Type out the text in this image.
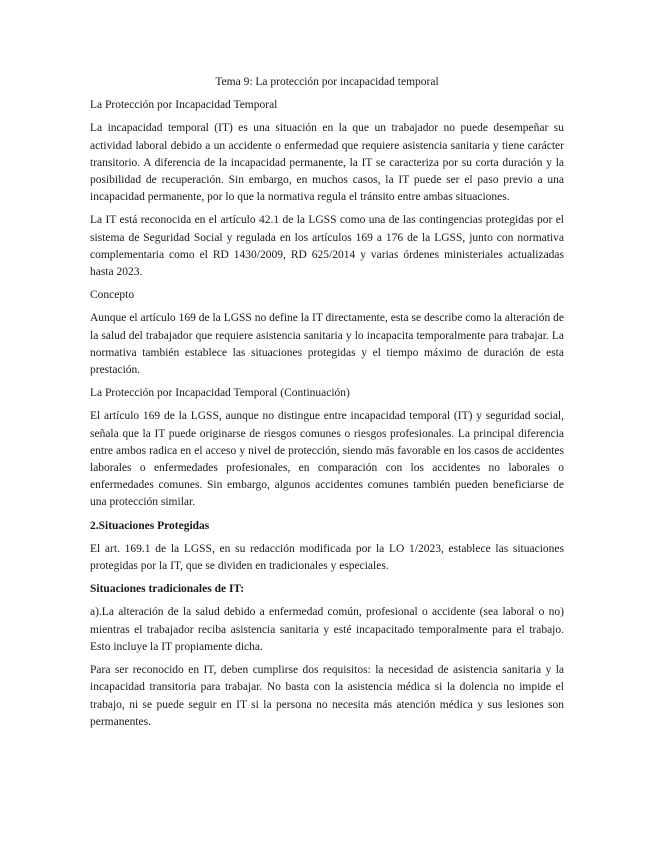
Tema 9: La protección por incapacidad temporal
La Protección por Incapacidad Temporal

La incapacidad temporal (IT) es una situación en la que un trabajador no puede desempeñar su actividad laboral debido a un accidente o enfermedad que requiere asistencia sanitaria y tiene carácter transitorio. A diferencia de la incapacidad permanente, la IT se caracteriza por su corta duración y la posibilidad de recuperación. Sin embargo, en muchos casos, la IT puede ser el paso previo a una incapacidad permanente, por lo que la normativa regula el tránsito entre ambas situaciones.

La IT está reconocida en el artículo 42.1 de la LGSS como una de las contingencias protegidas por el sistema de Seguridad Social y regulada en los artículos 169 a 176 de la LGSS, junto con normativa complementaria como el RD 1430/2009, RD 625/2014 y varias órdenes ministeriales actualizadas hasta 2023.

Concepto

Aunque el artículo 169 de la LGSS no define la IT directamente, esta se describe como la alteración de la salud del trabajador que requiere asistencia sanitaria y lo incapacita temporalmente para trabajar. La normativa también establece las situaciones protegidas y el tiempo máximo de duración de esta prestación.

La Protección por Incapacidad Temporal (Continuación)

El artículo 169 de la LGSS, aunque no distingue entre incapacidad temporal (IT) y seguridad social, señala que la IT puede originarse de riesgos comunes o riesgos profesionales. La principal diferencia entre ambos radica en el acceso y nivel de protección, siendo más favorable en los casos de accidentes laborales o enfermedades profesionales, en comparación con los accidentes no laborales o enfermedades comunes. Sin embargo, algunos accidentes comunes también pueden beneficiarse de una protección similar.

2.Situaciones Protegidas

El art. 169.1 de la LGSS, en su redacción modificada por la LO 1/2023, establece las situaciones protegidas por la IT, que se dividen en tradicionales y especiales.

Situaciones tradicionales de IT:

a).La alteración de la salud debido a enfermedad común, profesional o accidente (sea laboral o no) mientras el trabajador reciba asistencia sanitaria y esté incapacitado temporalmente para el trabajo. Esto incluye la IT propiamente dicha.

Para ser reconocido en IT, deben cumplirse dos requisitos: la necesidad de asistencia sanitaria y la incapacidad transitoria para trabajar. No basta con la asistencia médica si la dolencia no impide el trabajo, ni se puede seguir en IT si la persona no necesita más atención médica y sus lesiones son permanentes.
